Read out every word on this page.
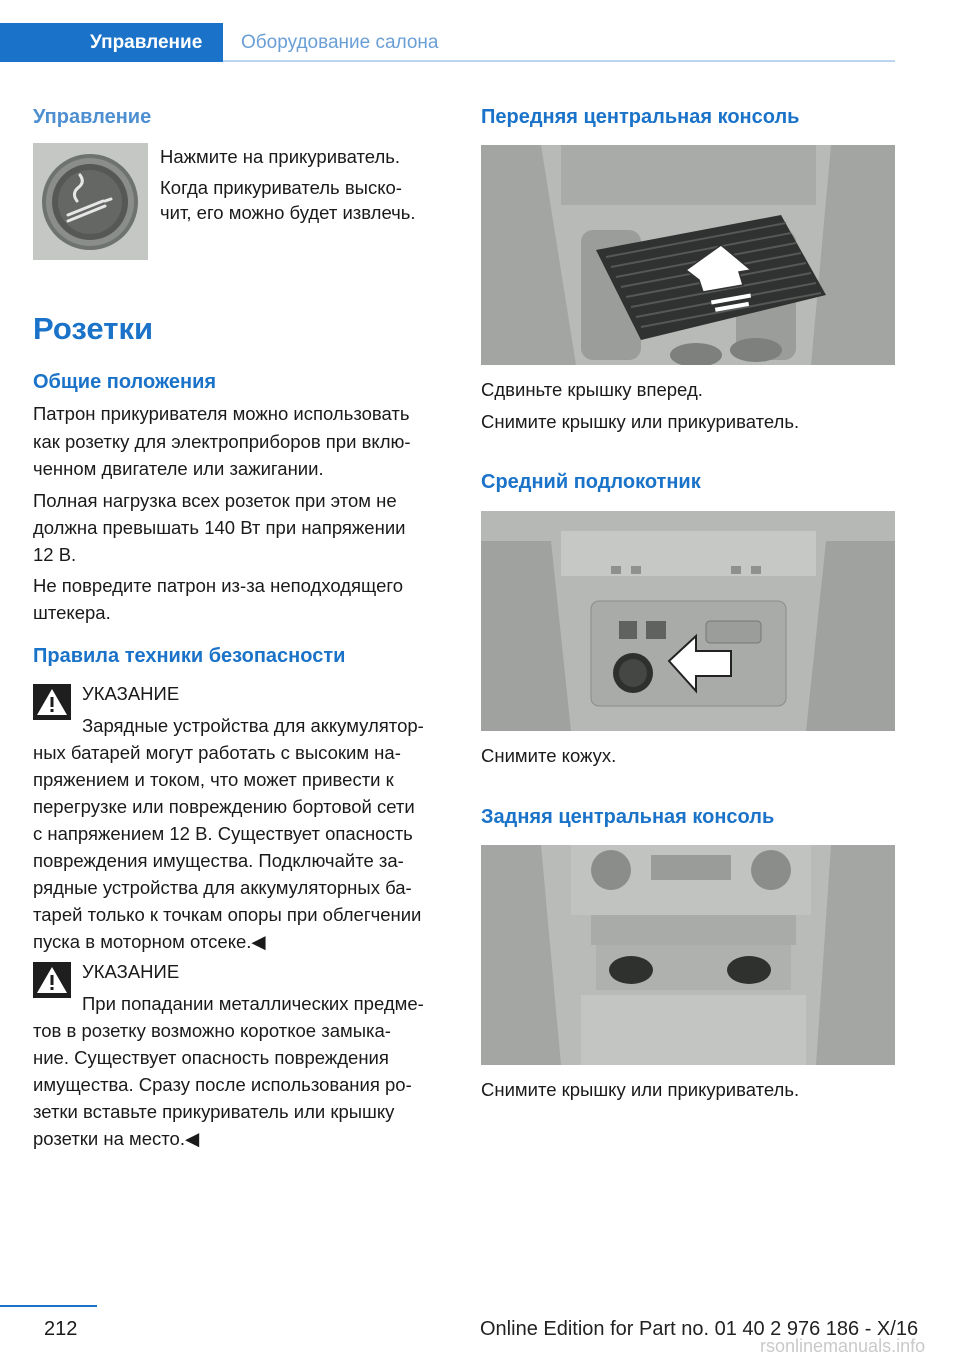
Управление	Оборудование салона
Управление
Нажмите на прикуриватель.
Когда прикуриватель выско‐
чит, его можно будет извлечь.
Розетки
Общие положения
Патрон прикуривателя можно использовать
как розетку для электроприборов при вклю‐
ченном двигателе или зажигании.
Полная нагрузка всех розеток при этом не
должна превышать 140 Вт при напряжении
12 В.
Не повредите патрон из-за неподходящего
штекера.
Правила техники безопасности
УКАЗАНИЕ
Зарядные устройства для аккумулятор‐
ных батарей могут работать с высоким на‐
пряжением и током, что может привести к
перегрузке или повреждению бортовой сети
с напряжением 12 В. Существует опасность
повреждения имущества. Подключайте за‐
рядные устройства для аккумуляторных ба‐
тарей только к точкам опоры при облегчении
пуска в моторном отсеке.◀
УКАЗАНИЕ
При попадании металлических предме‐
тов в розетку возможно короткое замыка‐
ние. Существует опасность повреждения
имущества. Сразу после использования ро‐
зетки вставьте прикуриватель или крышку
розетки на место.◀
Передняя центральная консоль
Сдвиньте крышку вперед.
Снимите крышку или прикуриватель.
Средний подлокотник
Снимите кожух.
Задняя центральная консоль
Снимите крышку или прикуриватель.
212	Online Edition for Part no. 01 40 2 976 186 - X/16
rsonlinemanuals.info
